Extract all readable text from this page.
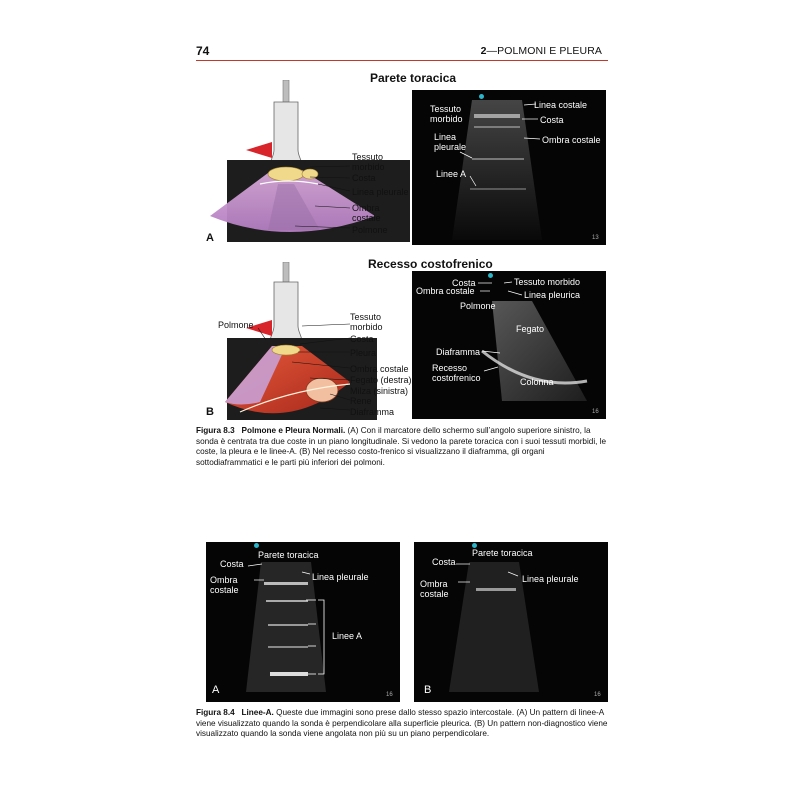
74	2—POLMONI E PLEURA
Parete toracica
A
Tessuto
morbido
Costa
Linea pleurale
Ombra
costale
Polmone
Tessuto
morbido
Linea
pleurale
Linee A
Linea costale
Costa
Ombra costale
13
Recesso costofrenico
B
Polmone
Tessuto
morbido
Costa
Pleura
Ombra costale
Fegato (destra)
Milza (sinistra)
Rene
Diaframma
Costa
Ombra costale
Polmone
Tessuto morbido
Linea pleurica
Fegato
Diaframma
Recesso
costofrenico	Colonna
16
Figura 8.3 Polmone e Pleura Normali. (A) Con il marcatore dello schermo sull’angolo superiore sinistro, la sonda è centrata tra due coste in un piano longitudinale. Si vedono la parete toracica con i suoi tessuti morbidi, le coste, la pleura e le linee-A. (B) Nel recesso costo-frenico si visualizzano il diaframma, gli organi sottodiaframmatici e le parti più inferiori dei polmoni.
Parete toracica
Costa
Ombra
costale
Linea pleurale
Linee A
A	16
Parete toracica
Costa
Ombra
costale
Linea pleurale
B	16
Figura 8.4 Linee-A. Queste due immagini sono prese dallo stesso spazio intercostale. (A) Un pattern di linee-A viene visualizzato quando la sonda è perpendicolare alla superficie pleurica. (B) Un pattern non-diagnostico viene visualizzato quando la sonda viene angolata non più su un piano perpendicolare.
